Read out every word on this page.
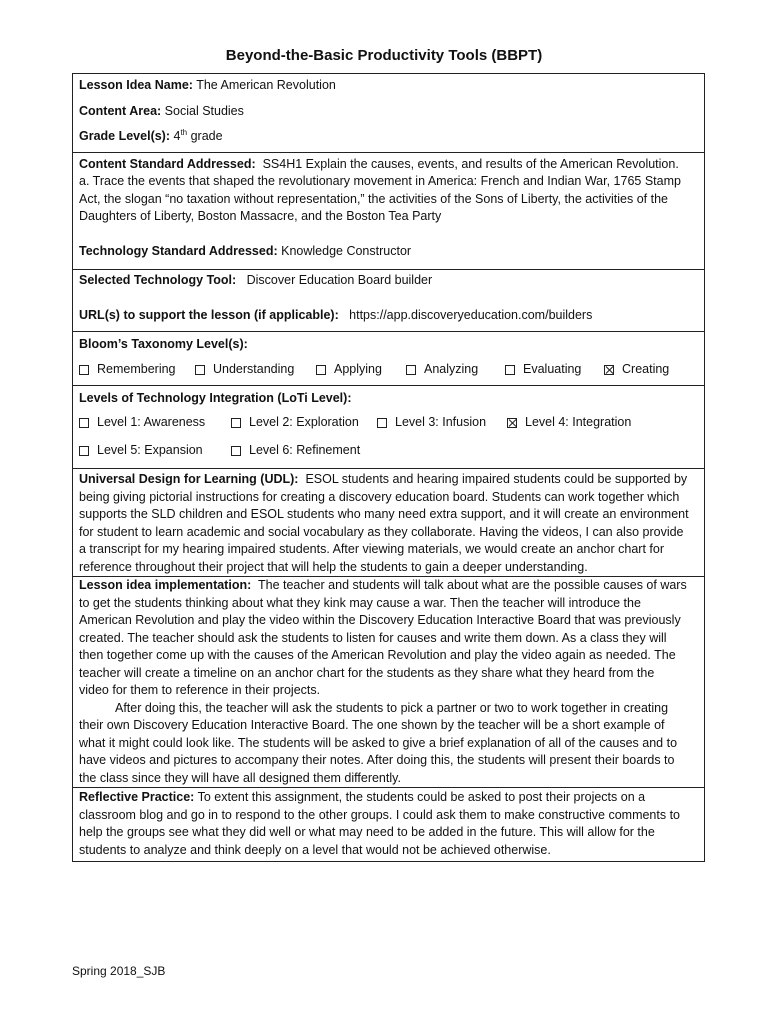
Beyond-the-Basic Productivity Tools (BBPT)
Lesson Idea Name: The American Revolution
Content Area: Social Studies
Grade Level(s): 4th grade
Content Standard Addressed: SS4H1 Explain the causes, events, and results of the American Revolution.
a. Trace the events that shaped the revolutionary movement in America: French and Indian War, 1765 Stamp
Act, the slogan “no taxation without representation,” the activities of the Sons of Liberty, the activities of the
Daughters of Liberty, Boston Massacre, and the Boston Tea Party
Technology Standard Addressed: Knowledge Constructor
Selected Technology Tool: Discover Education Board builder
URL(s) to support the lesson (if applicable): https://app.discoveryeducation.com/builders
Bloom’s Taxonomy Level(s):
Remembering	Understanding	Applying	Analyzing	Evaluating	Creating
Levels of Technology Integration (LoTi Level):
Level 1: Awareness	Level 2: Exploration	Level 3: Infusion	Level 4: Integration
Level 5: Expansion	Level 6: Refinement
Universal Design for Learning (UDL): ESOL students and hearing impaired students could be supported by
being giving pictorial instructions for creating a discovery education board. Students can work together which
supports the SLD children and ESOL students who many need extra support, and it will create an environment
for student to learn academic and social vocabulary as they collaborate. Having the videos, I can also provide
a transcript for my hearing impaired students. After viewing materials, we would create an anchor chart for
reference throughout their project that will help the students to gain a deeper understanding.
Lesson idea implementation: The teacher and students will talk about what are the possible causes of wars
to get the students thinking about what they kink may cause a war. Then the teacher will introduce the
American Revolution and play the video within the Discovery Education Interactive Board that was previously
created. The teacher should ask the students to listen for causes and write them down. As a class they will
then together come up with the causes of the American Revolution and play the video again as needed. The
teacher will create a timeline on an anchor chart for the students as they share what they heard from the
video for them to reference in their projects.
After doing this, the teacher will ask the students to pick a partner or two to work together in creating
their own Discovery Education Interactive Board. The one shown by the teacher will be a short example of
what it might could look like. The students will be asked to give a brief explanation of all of the causes and to
have videos and pictures to accompany their notes. After doing this, the students will present their boards to
the class since they will have all designed them differently.
Reflective Practice: To extent this assignment, the students could be asked to post their projects on a
classroom blog and go in to respond to the other groups. I could ask them to make constructive comments to
help the groups see what they did well or what may need to be added in the future. This will allow for the
students to analyze and think deeply on a level that would not be achieved otherwise.
Spring 2018_SJB
